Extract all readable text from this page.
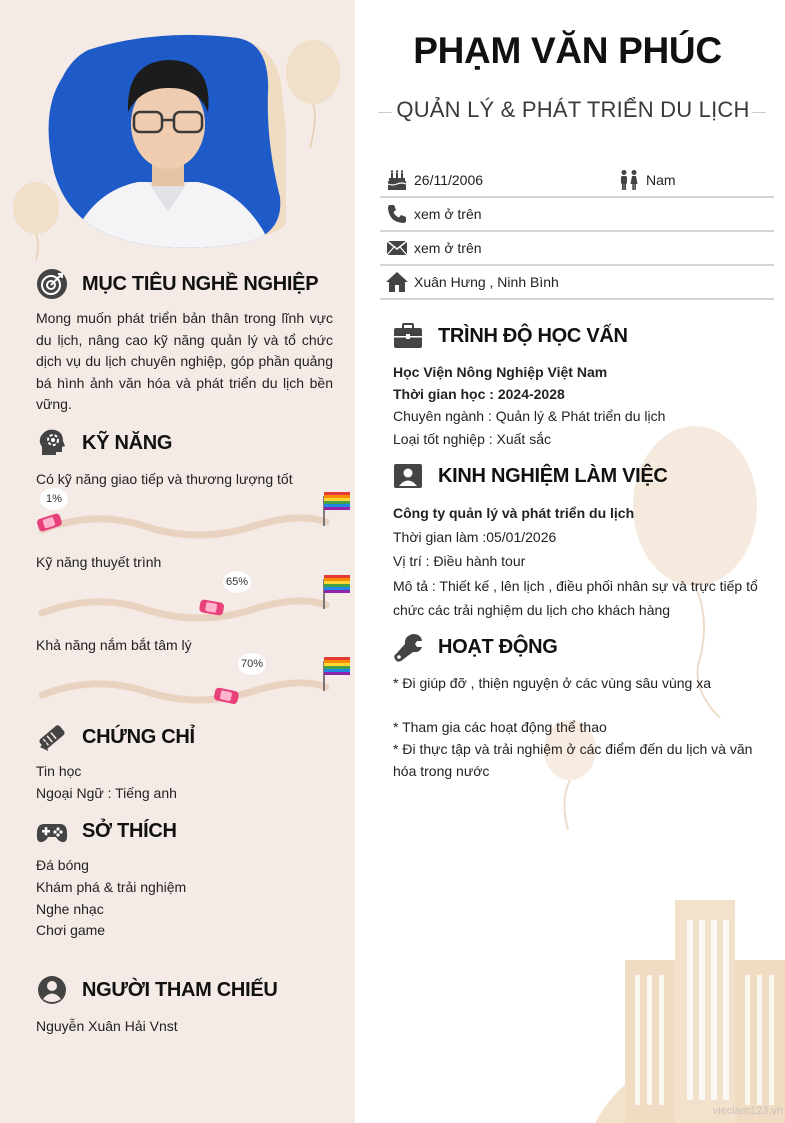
MỤC TIÊU NGHỀ NGHIỆP
Mong muốn phát triển bản thân trong lĩnh vực du lịch, nâng cao kỹ năng quản lý và tổ chức dịch vụ du lịch chuyên nghiệp, góp phần quảng bá hình ảnh văn hóa và phát triển du lịch bền vững.
KỸ NĂNG
Có kỹ năng giao tiếp và thương lượng tốt
1%
Kỹ năng thuyết trình
65%
Khả năng nắm bắt tâm lý
70%
CHỨNG CHỈ
Tin học
Ngoại Ngữ : Tiếng anh
SỞ THÍCH
Đá bóng
Khám phá & trải nghiệm
Nghe nhạc
Chơi game
NGƯỜI THAM CHIẾU
Nguyễn Xuân Hải Vnst
PHẠM VĂN PHÚC
QUẢN LÝ & PHÁT TRIỂN DU LỊCH
26/11/2006	Nam
xem ở trên
xem ở trên
Xuân Hưng , Ninh Bình
TRÌNH ĐỘ HỌC VẤN
Học Viện Nông Nghiệp Việt Nam
Thời gian học : 2024-2028
Chuyên ngành : Quản lý & Phát triển du lịch
Loại tốt nghiệp : Xuất sắc
KINH NGHIỆM LÀM VIỆC
Công ty quản lý và phát triển du lịch
Thời gian làm :05/01/2026
Vị trí : Điều hành tour
Mô tả : Thiết kế , lên lịch , điều phối nhân sự và trực tiếp tổ chức các trải nghiệm du lịch cho khách hàng
HOẠT ĐỘNG
* Đi giúp đỡ , thiện nguyện ở các vùng sâu vùng xa
* Tham gia các hoạt động thể thao
* Đi thực tập và trải nghiệm ở các điểm đến du lịch và văn hóa trong nước
vieclam123.vn
